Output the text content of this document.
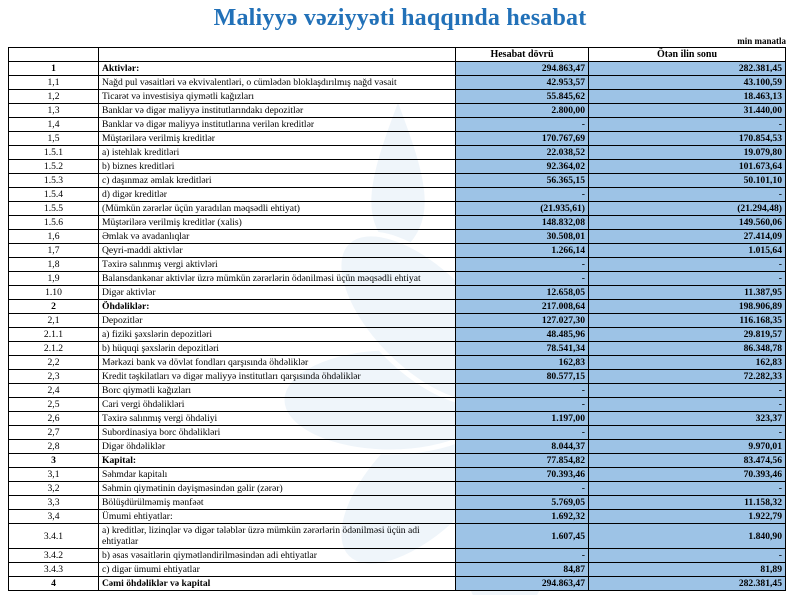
Maliyyə vəziyyəti haqqında hesabat
min manatla
		Hesabat dövrü	Ötən ilin sonu
1	Aktivlər:	294.863,47	282.381,45
1,1	Nağd pul vəsaitləri və ekvivalentləri, o cümlədən bloklaşdırılmış nağd vəsait	42.953,57	43.100,59
1,2	Ticarət və investisiya qiymətli kağızları	55.845,62	18.463,13
1,3	Banklar və digər maliyyə institutlarındakı depozitlər	2.800,00	31.440,00
1,4	Banklar və digər maliyyə institutlarına verilən kreditlər	-	-
1,5	Müştərilərə verilmiş kreditlər	170.767,69	170.854,53
1.5.1	a) istehlak kreditləri	22.038,52	19.079,80
1.5.2	b) biznes kreditləri	92.364,02	101.673,64
1.5.3	c) daşınmaz əmlak kreditləri	56.365,15	50.101,10
1.5.4	d) digər kreditlər	-	-
1.5.5	(Mümkün zərərlər üçün yaradılan məqsədli ehtiyat)	(21.935,61)	(21.294,48)
1.5.6	Müştərilərə verilmiş kreditlər (xalis)	148.832,08	149.560,06
1,6	Əmlak və avadanlıqlar	30.508,01	27.414,09
1,7	Qeyri-maddi aktivlər	1.266,14	1.015,64
1,8	Təxirə salınmış vergi aktivləri	-	-
1,9	Balansdankənar aktivlər üzrə mümkün zərərlərin ödənilməsi üçün məqsədli ehtiyat	-	-
1.10	Digər aktivlər	12.658,05	11.387,95
2	Öhdəliklər:	217.008,64	198.906,89
2,1	Depozitlər	127.027,30	116.168,35
2.1.1	a) fiziki şəxslərin depozitləri	48.485,96	29.819,57
2.1.2	b) hüquqi şəxslərin depozitləri	78.541,34	86.348,78
2,2	Mərkəzi bank və dövlət fondları qarşısında öhdəliklər	162,83	162,83
2,3	Kredit təşkilatları və digər maliyyə institutları qarşısında öhdəliklər	80.577,15	72.282,33
2,4	Borc qiymətli kağızları	-	-
2,5	Cari vergi öhdəlikləri	-	-
2,6	Təxirə salınmış vergi öhdəliyi	1.197,00	323,37
2,7	Subordinasiya borc öhdəlikləri	-	-
2,8	Digər öhdəliklər	8.044,37	9.970,01
3	Kapital:	77.854,82	83.474,56
3,1	Səhmdar kapitalı	70.393,46	70.393,46
3,2	Səhmin qiymətinin dəyişməsindən gəlir (zərər)	-	-
3,3	Bölüşdürülməmiş mənfəət	5.769,05	11.158,32
3,4	Ümumi ehtiyatlar:	1.692,32	1.922,79
3.4.1	a) kreditlər, lizinqlər və digər tələblər üzrə mümkün zərərlərin ödənilməsi üçün adi ehtiyatlar	1.607,45	1.840,90
3.4.2	b) əsas vəsaitlərin qiymətləndirilməsindən adi ehtiyatlar	-	-
3.4.3	c) digər ümumi ehtiyatlar	84,87	81,89
4	Cəmi öhdəliklər və kapital	294.863,47	282.381,45
